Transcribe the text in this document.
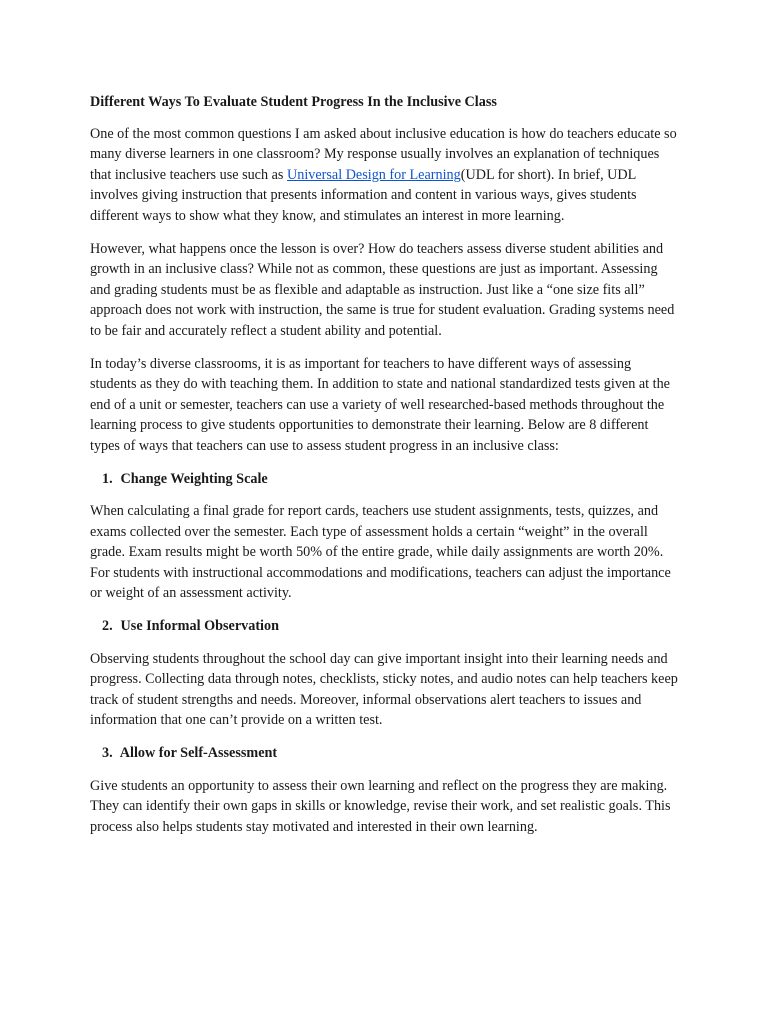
Different Ways To Evaluate Student Progress In the Inclusive Class

One of the most common questions I am asked about inclusive education is how do teachers educate so many diverse learners in one classroom? My response usually involves an explanation of techniques that inclusive teachers use such as Universal Design for Learning(UDL for short). In brief, UDL involves giving instruction that presents information and content in various ways, gives students different ways to show what they know, and stimulates an interest in more learning.

However, what happens once the lesson is over? How do teachers assess diverse student abilities and growth in an inclusive class? While not as common, these questions are just as important. Assessing and grading students must be as flexible and adaptable as instruction. Just like a “one size fits all” approach does not work with instruction, the same is true for student evaluation. Grading systems need to be fair and accurately reflect a student ability and potential.

In today’s diverse classrooms, it is as important for teachers to have different ways of assessing students as they do with teaching them. In addition to state and national standardized tests given at the end of a unit or semester, teachers can use a variety of well researched-based methods throughout the learning process to give students opportunities to demonstrate their learning. Below are 8 different types of ways that teachers can use to assess student progress in an inclusive class:

1. Change Weighting Scale

When calculating a final grade for report cards, teachers use student assignments, tests, quizzes, and exams collected over the semester. Each type of assessment holds a certain “weight” in the overall grade. Exam results might be worth 50% of the entire grade, while daily assignments are worth 20%. For students with instructional accommodations and modifications, teachers can adjust the importance or weight of an assessment activity.

2. Use Informal Observation

Observing students throughout the school day can give important insight into their learning needs and progress. Collecting data through notes, checklists, sticky notes, and audio notes can help teachers keep track of student strengths and needs. Moreover, informal observations alert teachers to issues and information that one can’t provide on a written test.

3. Allow for Self-Assessment

Give students an opportunity to assess their own learning and reflect on the progress they are making. They can identify their own gaps in skills or knowledge, revise their work, and set realistic goals. This process also helps students stay motivated and interested in their own learning.
